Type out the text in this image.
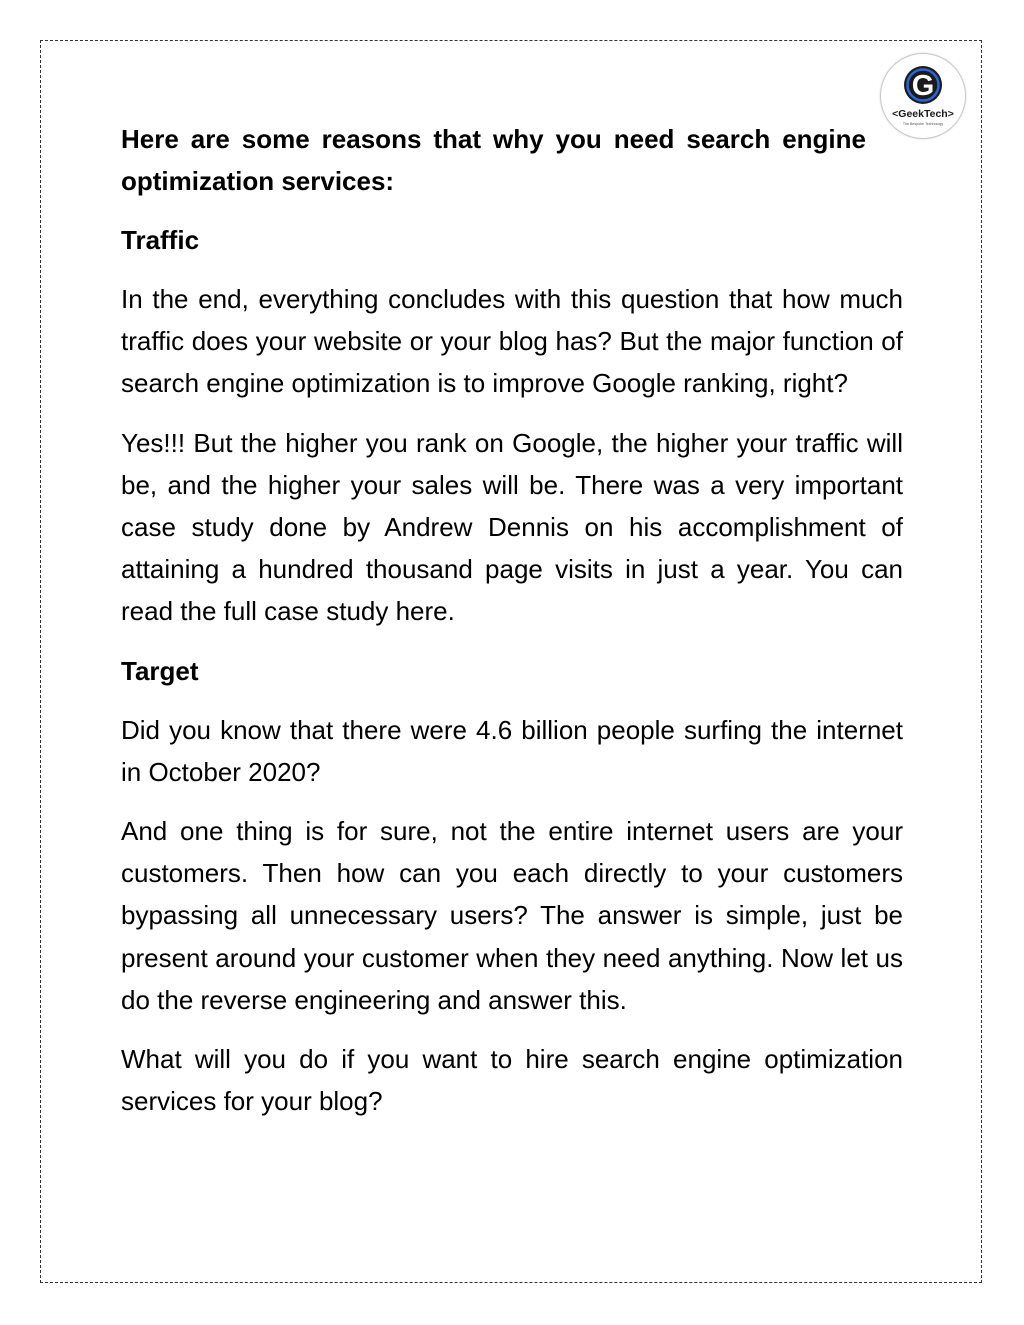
G
<GeekTech>
The Bespoke Technology

Here are some reasons that why you need search engine optimization services:

Traffic

In the end, everything concludes with this question that how much traffic does your website or your blog has? But the major function of search engine optimization is to improve Google ranking, right?

Yes!!! But the higher you rank on Google, the higher your traffic will be, and the higher your sales will be. There was a very important case study done by Andrew Dennis on his accomplishment of attaining a hundred thousand page visits in just a year. You can read the full case study here.

Target

Did you know that there were 4.6 billion people surfing the internet in October 2020?

And one thing is for sure, not the entire internet users are your customers. Then how can you each directly to your customers bypassing all unnecessary users? The answer is simple, just be present around your customer when they need anything. Now let us do the reverse engineering and answer this.

What will you do if you want to hire search engine optimization services for your blog?
